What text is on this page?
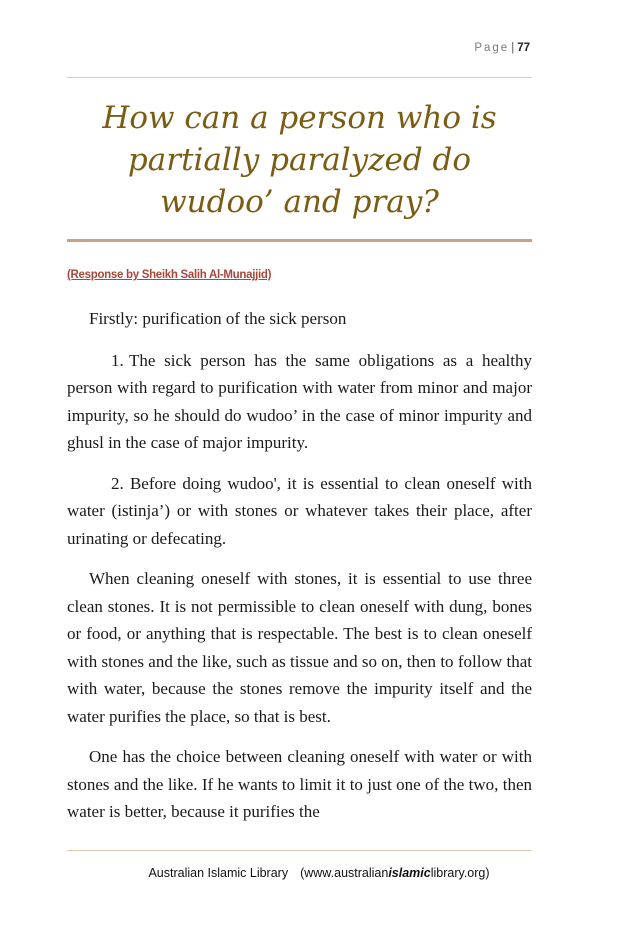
Page | 77
How can a person who is
partially paralyzed do
wudoo’ and pray?
(Response by Sheikh Salih Al-Munajjid)

Firstly: purification of the sick person

1. The sick person has the same obligations as a healthy person with regard to purification with water from minor and major impurity, so he should do wudoo’ in the case of minor impurity and ghusl in the case of major impurity.

2. Before doing wudoo', it is essential to clean oneself with water (istinja’) or with stones or whatever takes their place, after urinating or defecating.

When cleaning oneself with stones, it is essential to use three clean stones. It is not permissible to clean oneself with dung, bones or food, or anything that is respectable. The best is to clean oneself with stones and the like, such as tissue and so on, then to follow that with water, because the stones remove the impurity itself and the water purifies the place, so that is best.

One has the choice between cleaning oneself with water or with stones and the like. If he wants to limit it to just one of the two, then water is better, because it purifies the

Australian Islamic Library (www.australianislamiclibrary.org)
